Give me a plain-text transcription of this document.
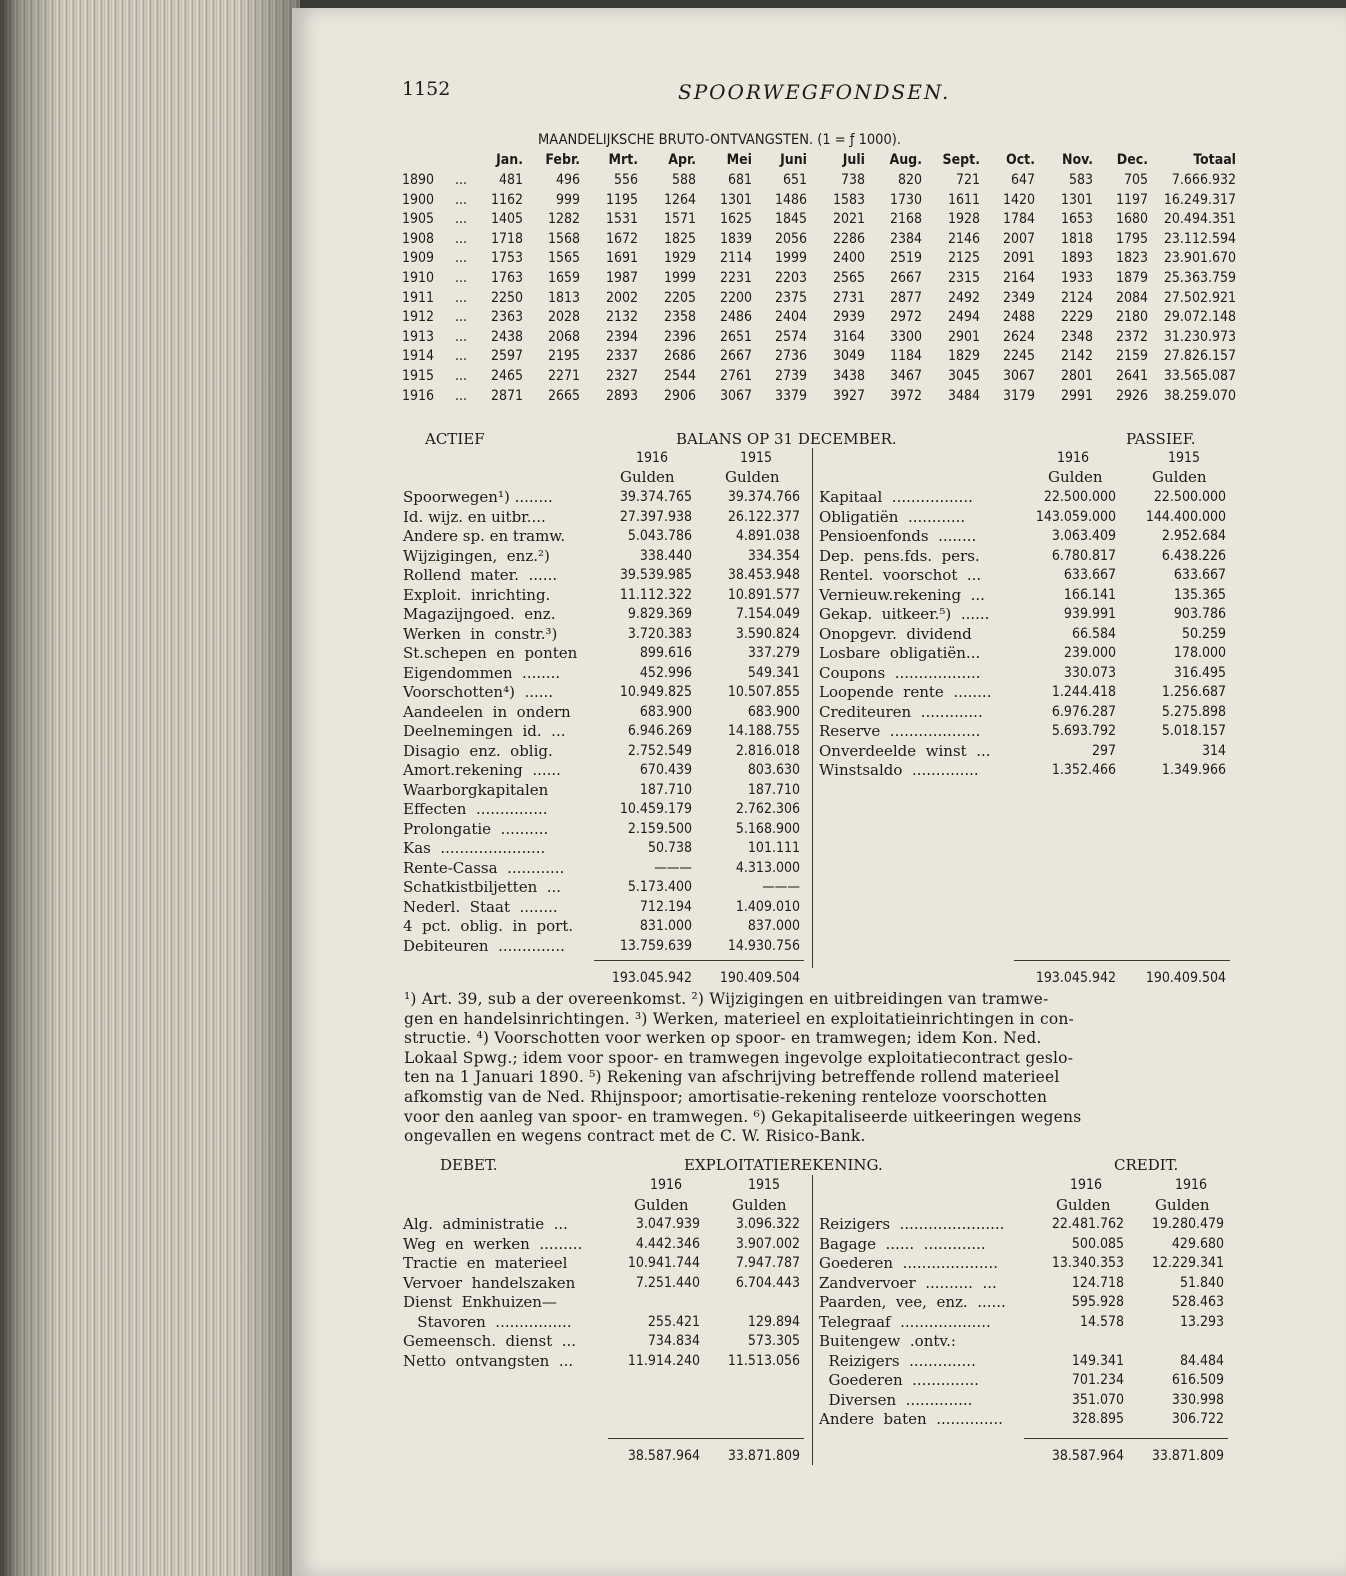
1152	SPOORWEGFONDSEN.
MAANDELIJKSCHE BRUTO-ONTVANGSTEN. (1 = ƒ 1000).
Jan.	Febr.	Mrt.	Apr.	Mei	Juni	Juli	Aug.	Sept.	Oct.	Nov.	Dec.	Totaal
1890 ...	481	496	556	588	681	651	738	820	721	647	583	705	7.666.932
1900 ...	1162	999	1195	1264	1301	1486	1583	1730	1611	1420	1301	1197	16.249.317
1905 ...	1405	1282	1531	1571	1625	1845	2021	2168	1928	1784	1653	1680	20.494.351
1908 ...	1718	1568	1672	1825	1839	2056	2286	2384	2146	2007	1818	1795	23.112.594
1909 ...	1753	1565	1691	1929	2114	1999	2400	2519	2125	2091	1893	1823	23.901.670
1910 ...	1763	1659	1987	1999	2231	2203	2565	2667	2315	2164	1933	1879	25.363.759
1911 ...	2250	1813	2002	2205	2200	2375	2731	2877	2492	2349	2124	2084	27.502.921
1912 ...	2363	2028	2132	2358	2486	2404	2939	2972	2494	2488	2229	2180	29.072.148
1913 ...	2438	2068	2394	2396	2651	2574	3164	3300	2901	2624	2348	2372	31.230.973
1914 ...	2597	2195	2337	2686	2667	2736	3049	1184	1829	2245	2142	2159	27.826.157
1915 ...	2465	2271	2327	2544	2761	2739	3438	3467	3045	3067	2801	2641	33.565.087
1916 ...	2871	2665	2893	2906	3067	3379	3927	3972	3484	3179	2991	2926	38.259.070
ACTIEF	BALANS OP 31 DECEMBER.	PASSIEF.
1916	1915
Gulden	Gulden
1916	1915
Gulden	Gulden
Spoorwegen¹) ........	39.374.765	39.374.766
Id. wijz. en uitbr....	27.397.938	26.122.377
Andere sp. en tramw.	5.043.786	4.891.038
Wijzigingen,  enz.²)	338.440	334.354
Rollend  mater.  ......	39.539.985	38.453.948
Exploit.  inrichting.	11.112.322	10.891.577
Magazijngoed.  enz.	9.829.369	7.154.049
Werken  in  constr.³)	3.720.383	3.590.824
St.schepen  en  ponten	899.616	337.279
Eigendommen  ........	452.996	549.341
Voorschotten⁴)  ......	10.949.825	10.507.855
Aandeelen  in  ondern	683.900	683.900
Deelnemingen  id.  ...	6.946.269	14.188.755
Disagio  enz.  oblig.	2.752.549	2.816.018
Amort.rekening  ......	670.439	803.630
Waarborgkapitalen	187.710	187.710
Effecten  ...............	10.459.179	2.762.306
Prolongatie  ..........	2.159.500	5.168.900
Kas  ......................	50.738	101.111
Rente-Cassa  ............	———	4.313.000
Schatkistbiljetten  ...	5.173.400	———
Nederl.  Staat  ........	712.194	1.409.010
4  pct.  oblig.  in  port.	831.000	837.000
Debiteuren  ..............	13.759.639	14.930.756
Kapitaal  .................	22.500.000	22.500.000
Obligatiën  ............	143.059.000	144.400.000
Pensioenfonds  ........	3.063.409	2.952.684
Dep.  pens.fds.  pers.	6.780.817	6.438.226
Rentel.  voorschot  ...	633.667	633.667
Vernieuw.rekening  ...	166.141	135.365
Gekap.  uitkeer.⁵)  ......	939.991	903.786
Onopgevr.  dividend	66.584	50.259
Losbare  obligatiën...	239.000	178.000
Coupons  ..................	330.073	316.495
Loopende  rente  ........	1.244.418	1.256.687
Crediteuren  .............	6.976.287	5.275.898
Reserve  ...................	5.693.792	5.018.157
Onverdeelde  winst  ...	297	314
Winstsaldo  ..............	1.352.466	1.349.966
193.045.942	190.409.504	193.045.942	190.409.504
¹) Art. 39, sub a der overeenkomst. ²) Wijzigingen en uitbreidingen van tramwe-
gen en handelsinrichtingen. ³) Werken, materieel en exploitatieinrichtingen in con-
structie. ⁴) Voorschotten voor werken op spoor- en tramwegen; idem Kon. Ned.
Lokaal Spwg.; idem voor spoor- en tramwegen ingevolge exploitatiecontract geslo-
ten na 1 Januari 1890. ⁵) Rekening van afschrijving betreffende rollend materieel
afkomstig van de Ned. Rhijnspoor; amortisatie-rekening renteloze voorschotten
voor den aanleg van spoor- en tramwegen. ⁶) Gekapitaliseerde uitkeeringen wegens
ongevallen en wegens contract met de C. W. Risico-Bank.
DEBET.	EXPLOITATIEREKENING.	CREDIT.
1916	1915
Gulden	Gulden
1916	1916
Gulden	Gulden
Alg.  administratie  ...	3.047.939	3.096.322
Weg  en  werken  .........	4.442.346	3.907.002
Tractie  en  materieel	10.941.744	7.947.787
Vervoer  handelszaken	7.251.440	6.704.443
Dienst  Enkhuizen—
Stavoren  ................	255.421	129.894
Gemeensch.  dienst  ...	734.834	573.305
Netto  ontvangsten  ...	11.914.240	11.513.056
Reizigers  ......................	22.481.762	19.280.479
Bagage  ......  .............	500.085	429.680
Goederen  ....................	13.340.353	12.229.341
Zandvervoer  ..........  ...	124.718	51.840
Paarden,  vee,  enz.  ......	595.928	528.463
Telegraaf  ...................	14.578	13.293
Buitengew  .ontv.:
Reizigers  ..............	149.341	84.484
Goederen  ..............	701.234	616.509
Diversen  ..............	351.070	330.998
Andere  baten  ..............	328.895	306.722
38.587.964	33.871.809	38.587.964	33.871.809
